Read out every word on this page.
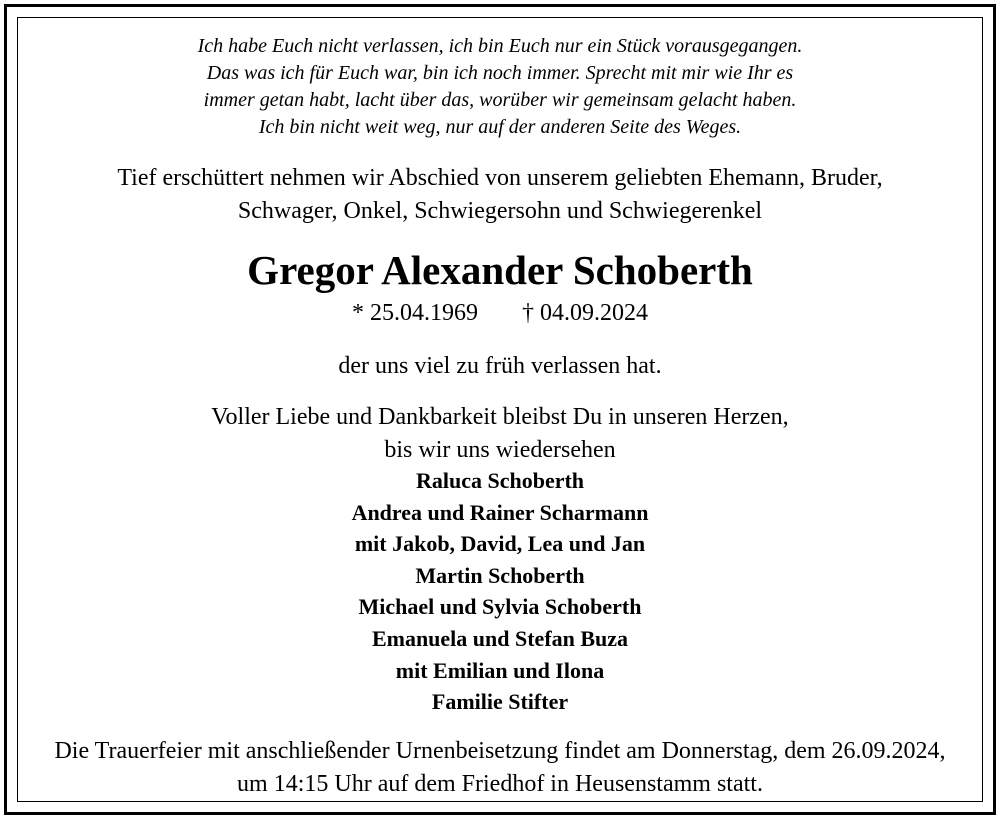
Ich habe Euch nicht verlassen, ich bin Euch nur ein Stück vorausgegangen.
Das was ich für Euch war, bin ich noch immer. Sprecht mit mir wie Ihr es
immer getan habt, lacht über das, worüber wir gemeinsam gelacht haben.
Ich bin nicht weit weg, nur auf der anderen Seite des Weges.
Tief erschüttert nehmen wir Abschied von unserem geliebten Ehemann, Bruder,
Schwager, Onkel, Schwiegersohn und Schwiegerenkel
Gregor Alexander Schoberth
* 25.04.1969 † 04.09.2024
der uns viel zu früh verlassen hat.
Voller Liebe und Dankbarkeit bleibst Du in unseren Herzen,
bis wir uns wiedersehen
Raluca Schoberth
Andrea und Rainer Scharmann
mit Jakob, David, Lea und Jan
Martin Schoberth
Michael und Sylvia Schoberth
Emanuela und Stefan Buza
mit Emilian und Ilona
Familie Stifter
Die Trauerfeier mit anschließender Urnenbeisetzung findet am Donnerstag, dem 26.09.2024,
um 14:15 Uhr auf dem Friedhof in Heusenstamm statt.
